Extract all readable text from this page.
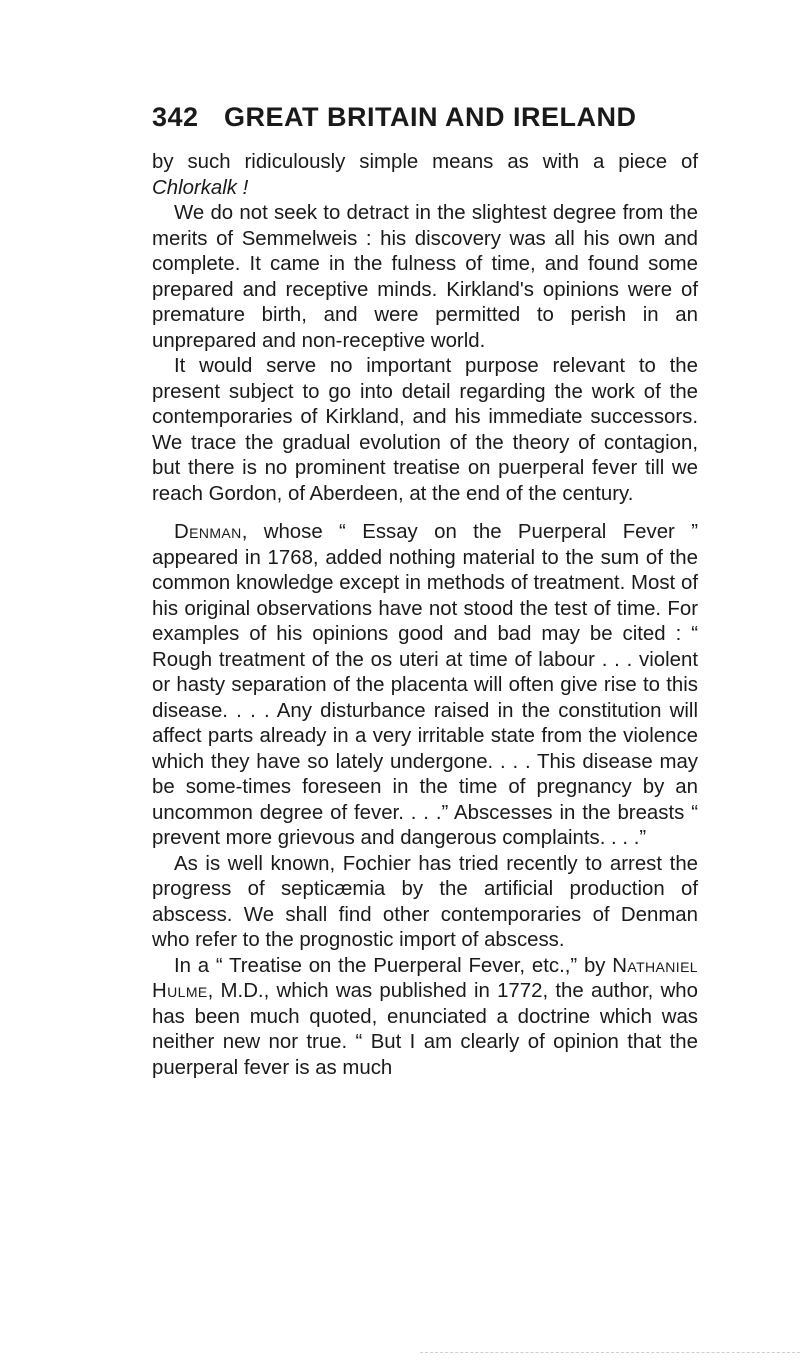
342 GREAT BRITAIN AND IRELAND

by such ridiculously simple means as with a piece of Chlorkalk !

We do not seek to detract in the slightest degree from the merits of Semmelweis : his discovery was all his own and complete. It came in the fulness of time, and found some prepared and receptive minds. Kirkland's opinions were of premature birth, and were permitted to perish in an unprepared and non-receptive world.

It would serve no important purpose relevant to the present subject to go into detail regarding the work of the contemporaries of Kirkland, and his immediate successors. We trace the gradual evolution of the theory of contagion, but there is no prominent treatise on puerperal fever till we reach Gordon, of Aberdeen, at the end of the century.

Denman, whose “ Essay on the Puerperal Fever ” appeared in 1768, added nothing material to the sum of the common knowledge except in methods of treatment. Most of his original observations have not stood the test of time. For examples of his opinions good and bad may be cited : “ Rough treatment of the os uteri at time of labour . . . violent or hasty separation of the placenta will often give rise to this disease. . . . Any disturbance raised in the constitution will affect parts already in a very irritable state from the violence which they have so lately undergone. . . . This disease may be some-times foreseen in the time of pregnancy by an uncommon degree of fever. . . .” Abscesses in the breasts “ prevent more grievous and dangerous complaints. . . .”

As is well known, Fochier has tried recently to arrest the progress of septicæmia by the artificial production of abscess. We shall find other contemporaries of Denman who refer to the prognostic import of abscess.

In a “ Treatise on the Puerperal Fever, etc.,” by Nathaniel Hulme, M.D., which was published in 1772, the author, who has been much quoted, enunciated a doctrine which was neither new nor true. “ But I am clearly of opinion that the puerperal fever is as much
